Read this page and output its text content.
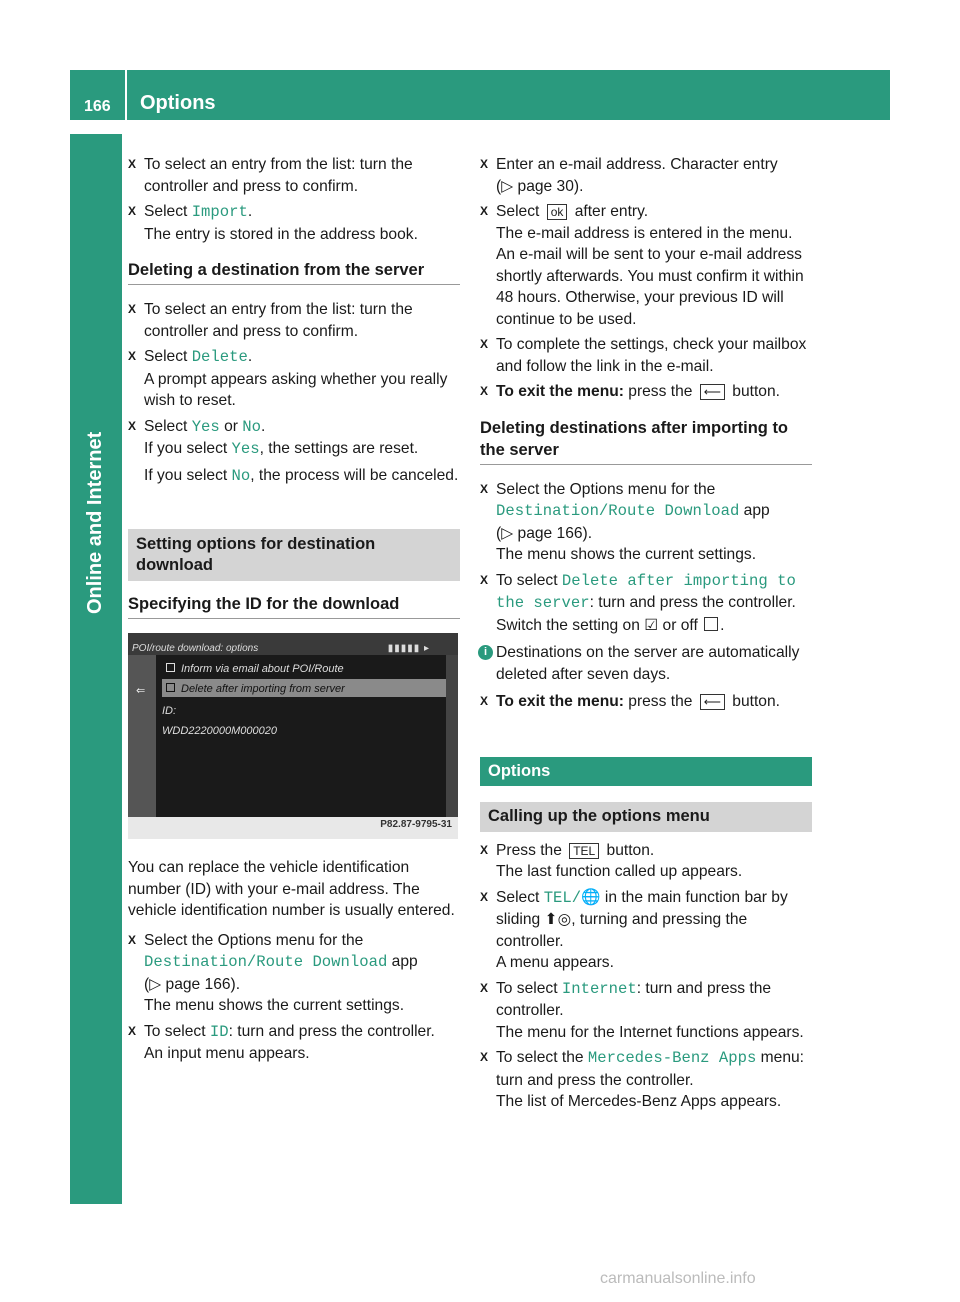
166 Options
Online and Internet
X To select an entry from the list: turn the controller and press to confirm.

X Select Import.

The entry is stored in the address book.

Deleting a destination from the server
X To select an entry from the list: turn the controller and press to confirm.

X Select Delete.

A prompt appears asking whether you really wish to reset.

X Select Yes or No.

If you select Yes, the settings are reset.

If you select No, the process will be canceled.

Setting options for destination download
Specifying the ID for the download
POI/route download: options	▮▮▮▮▮ ▸
⇐
Inform via email about POI/Route
Delete after importing from server
ID:
WDD2220000M000020
P82.87-9795-31

You can replace the vehicle identification number (ID) with your e-mail address. The vehicle identification number is usually entered.

X Select the Options menu for the

Destination/Route Download app

(▷ page 166).

The menu shows the current settings.

X To select ID: turn and press the controller.

An input menu appears.

X Enter an e-mail address. Character entry

(▷ page 30).

X Select ok after entry.

The e-mail address is entered in the menu. An e-mail will be sent to your e-mail address shortly afterwards. You must confirm it within 48 hours. Otherwise, your previous ID will continue to be used.

X To complete the settings, check your mailbox and follow the link in the e-mail.

X To exit the menu: press the ⟵ button.

Deleting destinations after importing to the server
X Select the Options menu for the

Destination/Route Download app

(▷ page 166).

The menu shows the current settings.

X To select Delete after importing to the server: turn and press the controller.

Switch the setting on ☑ or off .

i Destinations on the server are automatically deleted after seven days.

X To exit the menu: press the ⟵ button.

Options
Calling up the options menu
X Press the TEL button.

The last function called up appears.

X Select TEL/🌐 in the main function bar by sliding ⬆◎, turning and pressing the controller.

A menu appears.

X To select Internet: turn and press the controller.

The menu for the Internet functions appears.

X To select the Mercedes-Benz Apps menu: turn and press the controller.

The list of Mercedes-Benz Apps appears.

carmanualsonline.info
